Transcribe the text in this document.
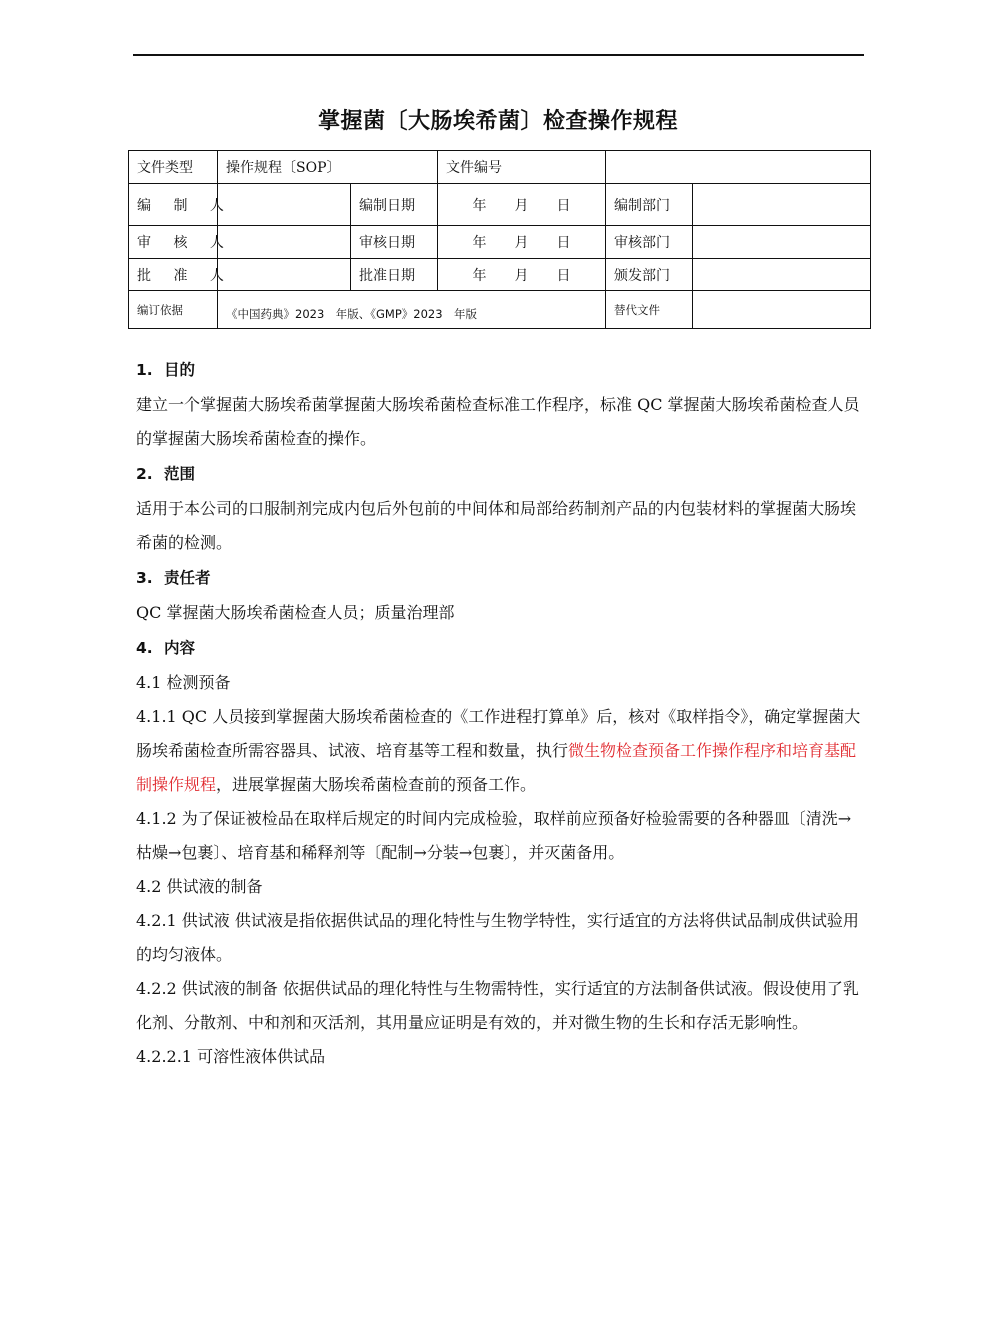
掌握菌〔大肠埃希菌〕检查操作规程
文件类型	操作规程〔SOP〕		文件编号		
编 制 人		编制日期	年　　月　　日	编制部门	
审 核 人		审核日期	年　　月　　日	审核部门	
批 准 人		批准日期	年　　月　　日	颁发部门	
编订依据	《中国药典》2023　年版、《GMP》2023　年版			替代文件	

1. 目的

建立一个掌握菌大肠埃希菌掌握菌大肠埃希菌检查标准工作程序，标准 QC 掌握菌大肠埃希菌检查人员的掌握菌大肠埃希菌检查的操作。

2. 范围

适用于本公司的口服制剂完成内包后外包前的中间体和局部给药制剂产品的内包装材料的掌握菌大肠埃希菌的检测。

3. 责任者

QC 掌握菌大肠埃希菌检查人员；质量治理部

4. 内容

4.1 检测预备

4.1.1 QC 人员接到掌握菌大肠埃希菌检查的《工作进程打算单》后，核对《取样指令》，确定掌握菌大肠埃希菌检查所需容器具、试液、培育基等工程和数量，执行微生物检查预备工作操作程序和培育基配制操作规程，进展掌握菌大肠埃希菌检查前的预备工作。

4.1.2 为了保证被检品在取样后规定的时间内完成检验，取样前应预备好检验需要的各种器皿〔清洗→枯燥→包裹〕、培育基和稀释剂等〔配制→分装→包裹〕，并灭菌备用。

4.2 供试液的制备

4.2.1 供试液 供试液是指依据供试品的理化特性与生物学特性，实行适宜的方法将供试品制成供试验用的均匀液体。

4.2.2 供试液的制备 依据供试品的理化特性与生物需特性，实行适宜的方法制备供试液。假设使用了乳化剂、分散剂、中和剂和灭活剂，其用量应证明是有效的，并对微生物的生长和存活无影响性。

4.2.2.1 可溶性液体供试品
